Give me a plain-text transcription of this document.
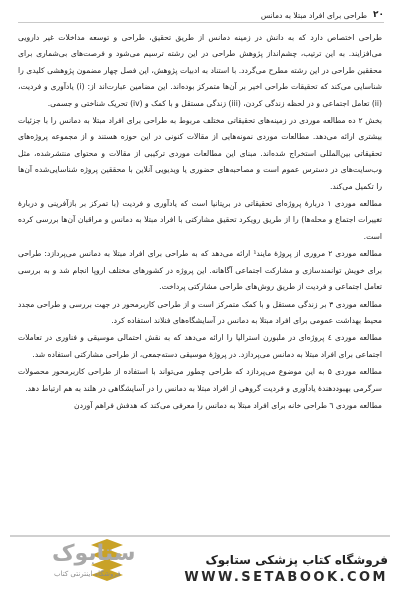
۲۰
طراحی برای افراد مبتلا به دمانس

طراحی اختصاص دارد که به دانش در زمینه دمانس از طریق تحقیق، طراحی و توسعه مداخلات غیر دارویی می‌افزایند. به این ترتیب، چشم‌انداز پژوهش طراحی در این رشته ترسیم می‌شود و فرصت‌های بی‌شماری برای محققین طراحی در این رشته مطرح می‌گردد. با استناد به ادبیات پژوهش، این فصل چهار مضمون پژوهشی کلیدی را شناسایی می‌کند که تحقیقات طراحی اخیر بر آن‌ها متمرکز بوده‌اند. این مضامین عبارت‌اند از: (i) یادآوری و فردیت، (ii) تعامل اجتماعی و در لحظه زندگی کردن، (iii) زندگی مستقل و با کمک و (iv) تحریک شناختی و جسمی.

بخش ۲ ده مطالعه موردی در زمینه‌های تحقیقاتی مختلف مربوط به طراحی برای افراد مبتلا به دمانس را با جزئیات بیشتری ارائه می‌دهد. مطالعات موردی نمونه‌هایی از مقالات کنونی در این حوزه هستند و از مجموعه پروژه‌های تحقیقاتی بین‌المللی استخراج شده‌اند. مبنای این مطالعات موردی ترکیبی از مقالات و محتوای منتشرشده، مثل وب‌سایت‌های در دسترس عموم است و مصاحبه‌های حضوری یا ویدیویی آنلاین با محققین پروژه شناسایی‌شده آن‌ها را تکمیل می‌کند.

مطالعه موردی ۱ دربارهٔ پروژه‌ای تحقیقاتی در بریتانیا است که یادآوری و فردیت (با تمرکز بر بازآفرینی و دربارهٔ تغییرات اجتماع و محله‌ها) را از طریق رویکرد تحقیق مشارکتی با افراد مبتلا به دمانس و مراقبان آن‌ها بررسی کرده است.

مطالعه موردی ۲ مروری از پروژهٔ مایند¹ ارائه می‌دهد که به طراحی برای افراد مبتلا به دمانس می‌پردازد: طراحی برای خویش توانمندسازی و مشارکت اجتماعی آگاهانه. این پروژه در کشورهای مختلف اروپا انجام شد و به بررسی تعامل اجتماعی و فردیت از طریق روش‌های طراحی مشارکتی پرداخت.

مطالعه موردی ۳ بر زندگی مستقل و با کمک متمرکز است و از طراحی کاربرمحور در جهت بررسی و طراحی مجدد محیط بهداشت عمومی برای افراد مبتلا به دمانس در آسایشگاه‌های فنلاند استفاده کرد.

مطالعه موردی ٤ پروژه‌ای در ملبورن استرالیا را ارائه می‌دهد که به نقش احتمالی موسیقی و فناوری در تعاملات اجتماعی برای افراد مبتلا به دمانس می‌پردازد. در پروژهٔ موسیقی دسته‌جمعی، از طراحی مشارکتی استفاده شد.

مطالعه موردی ۵ به این موضوع می‌پردازد که طراحی چطور می‌تواند با استفاده از طراحی کاربرمحور محصولات سرگرمی بهبوددهندهٔ یادآوری و فردیت گروهی از افراد مبتلا به دمانس را در آسایشگاهی در هلند به هم ارتباط دهد.

مطالعه موردی ٦ طراحی خانه برای افراد مبتلا به دمانس را معرفی می‌کند که هدفش فراهم آوردن

ستابوک
فروشگاه اینترنتی کتاب
فروشگاه کتاب پزشکی ستابوک
WWW.SETABOOK.COM
